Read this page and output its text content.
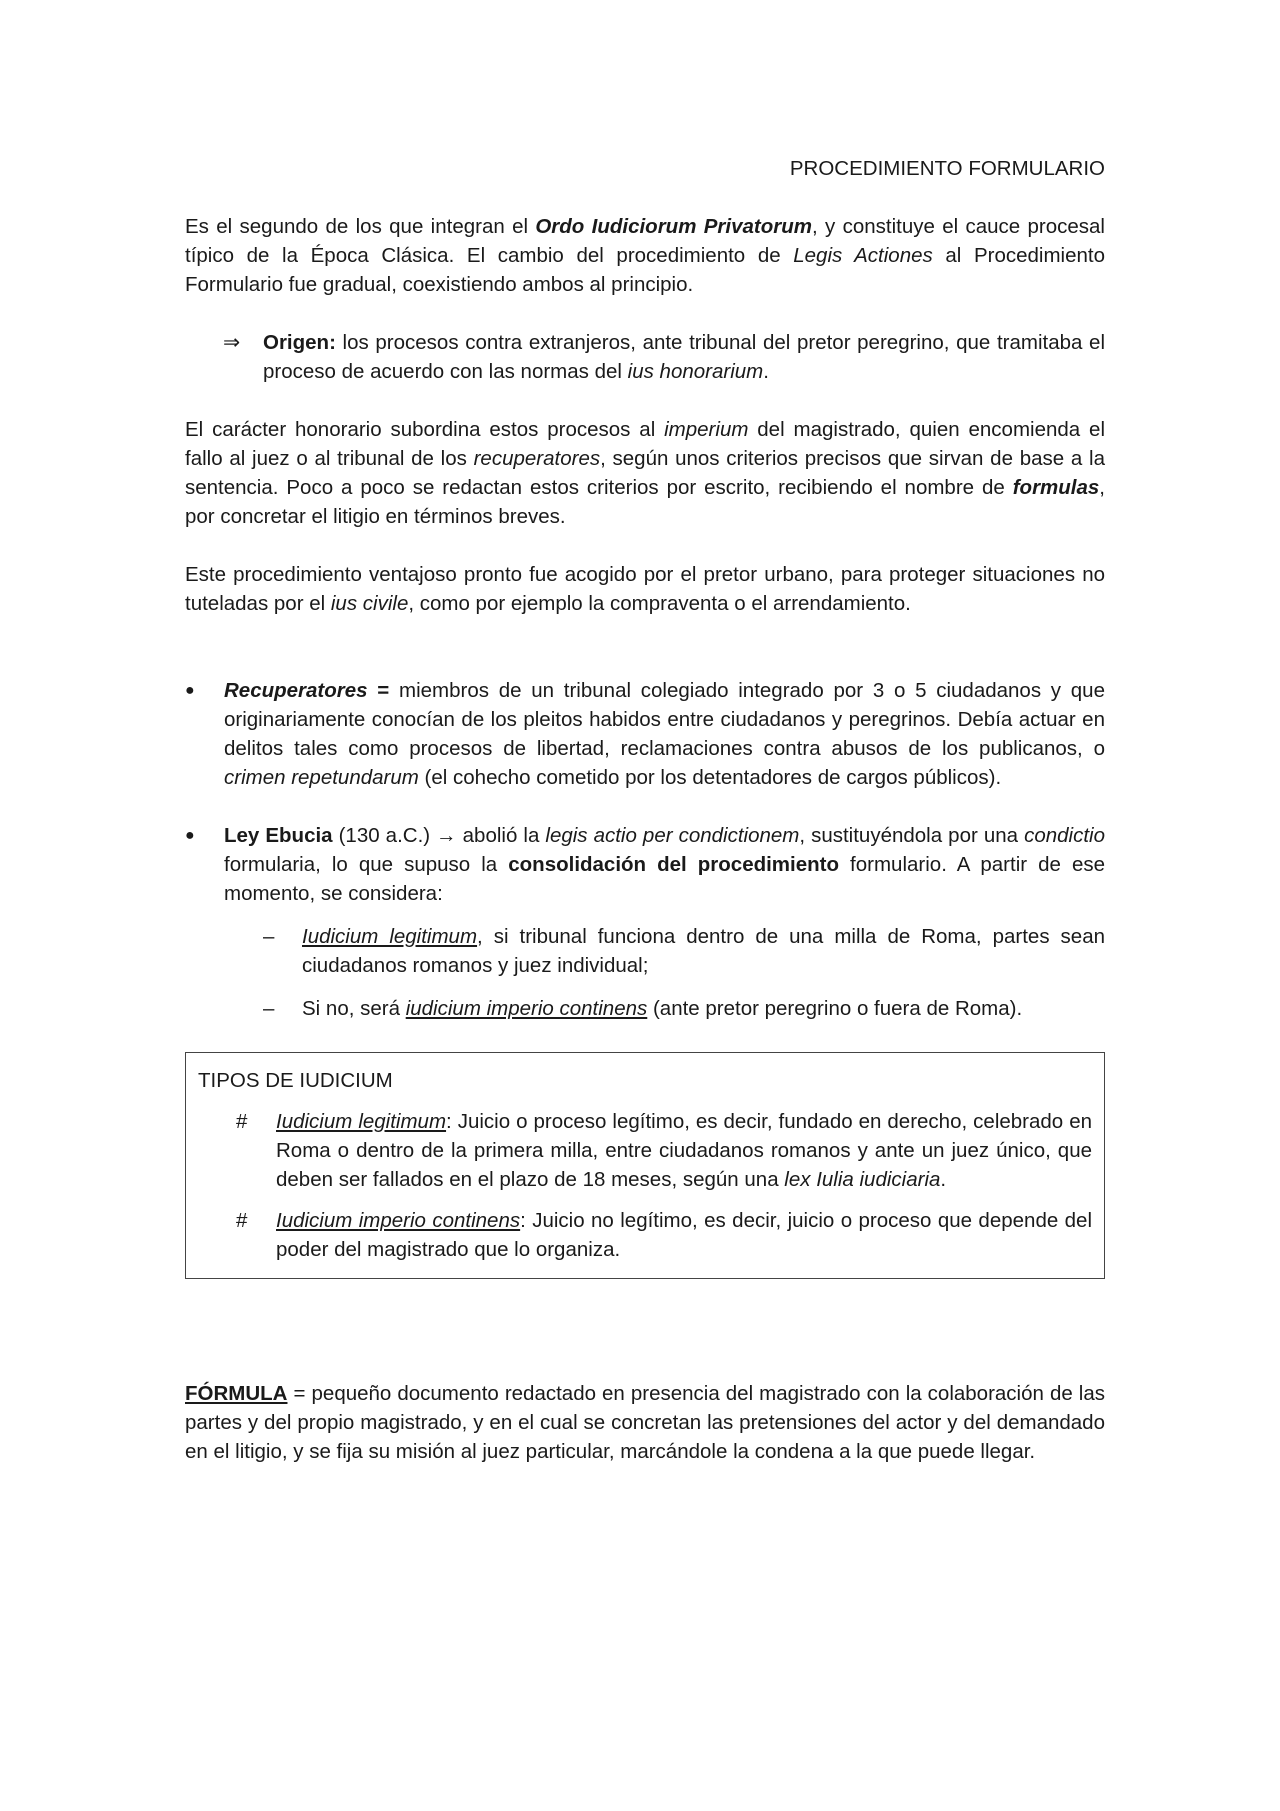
PROCEDIMIENTO FORMULARIO

Es el segundo de los que integran el Ordo Iudiciorum Privatorum, y constituye el cauce procesal típico de la Época Clásica. El cambio del procedimiento de Legis Actiones al Procedimiento Formulario fue gradual, coexistiendo ambos al principio.

⇒ Origen: los procesos contra extranjeros, ante tribunal del pretor peregrino, que tramitaba el proceso de acuerdo con las normas del ius honorarium.

El carácter honorario subordina estos procesos al imperium del magistrado, quien encomienda el fallo al juez o al tribunal de los recuperatores, según unos criterios precisos que sirvan de base a la sentencia. Poco a poco se redactan estos criterios por escrito, recibiendo el nombre de formulas, por concretar el litigio en términos breves.

Este procedimiento ventajoso pronto fue acogido por el pretor urbano, para proteger situaciones no tuteladas por el ius civile, como por ejemplo la compraventa o el arrendamiento.

● Recuperatores = miembros de un tribunal colegiado integrado por 3 o 5 ciudadanos y que originariamente conocían de los pleitos habidos entre ciudadanos y peregrinos. Debía actuar en delitos tales como procesos de libertad, reclamaciones contra abusos de los publicanos, o crimen repetundarum (el cohecho cometido por los detentadores de cargos públicos).
● Ley Ebucia (130 a.C.) → abolió la legis actio per condictionem, sustituyéndola por una condictio formularia, lo que supuso la consolidación del procedimiento formulario. A partir de ese momento, se considera:
– Iudicium legitimum, si tribunal funciona dentro de una milla de Roma, partes sean ciudadanos romanos y juez individual;
– Si no, será iudicium imperio continens (ante pretor peregrino o fuera de Roma).
TIPOS DE IUDICIUM
# Iudicium legitimum: Juicio o proceso legítimo, es decir, fundado en derecho, celebrado en Roma o dentro de la primera milla, entre ciudadanos romanos y ante un juez único, que deben ser fallados en el plazo de 18 meses, según una lex Iulia iudiciaria.
# Iudicium imperio continens: Juicio no legítimo, es decir, juicio o proceso que depende del poder del magistrado que lo organiza.

FÓRMULA = pequeño documento redactado en presencia del magistrado con la colaboración de las partes y del propio magistrado, y en el cual se concretan las pretensiones del actor y del demandado en el litigio, y se fija su misión al juez particular, marcándole la condena a la que puede llegar.
